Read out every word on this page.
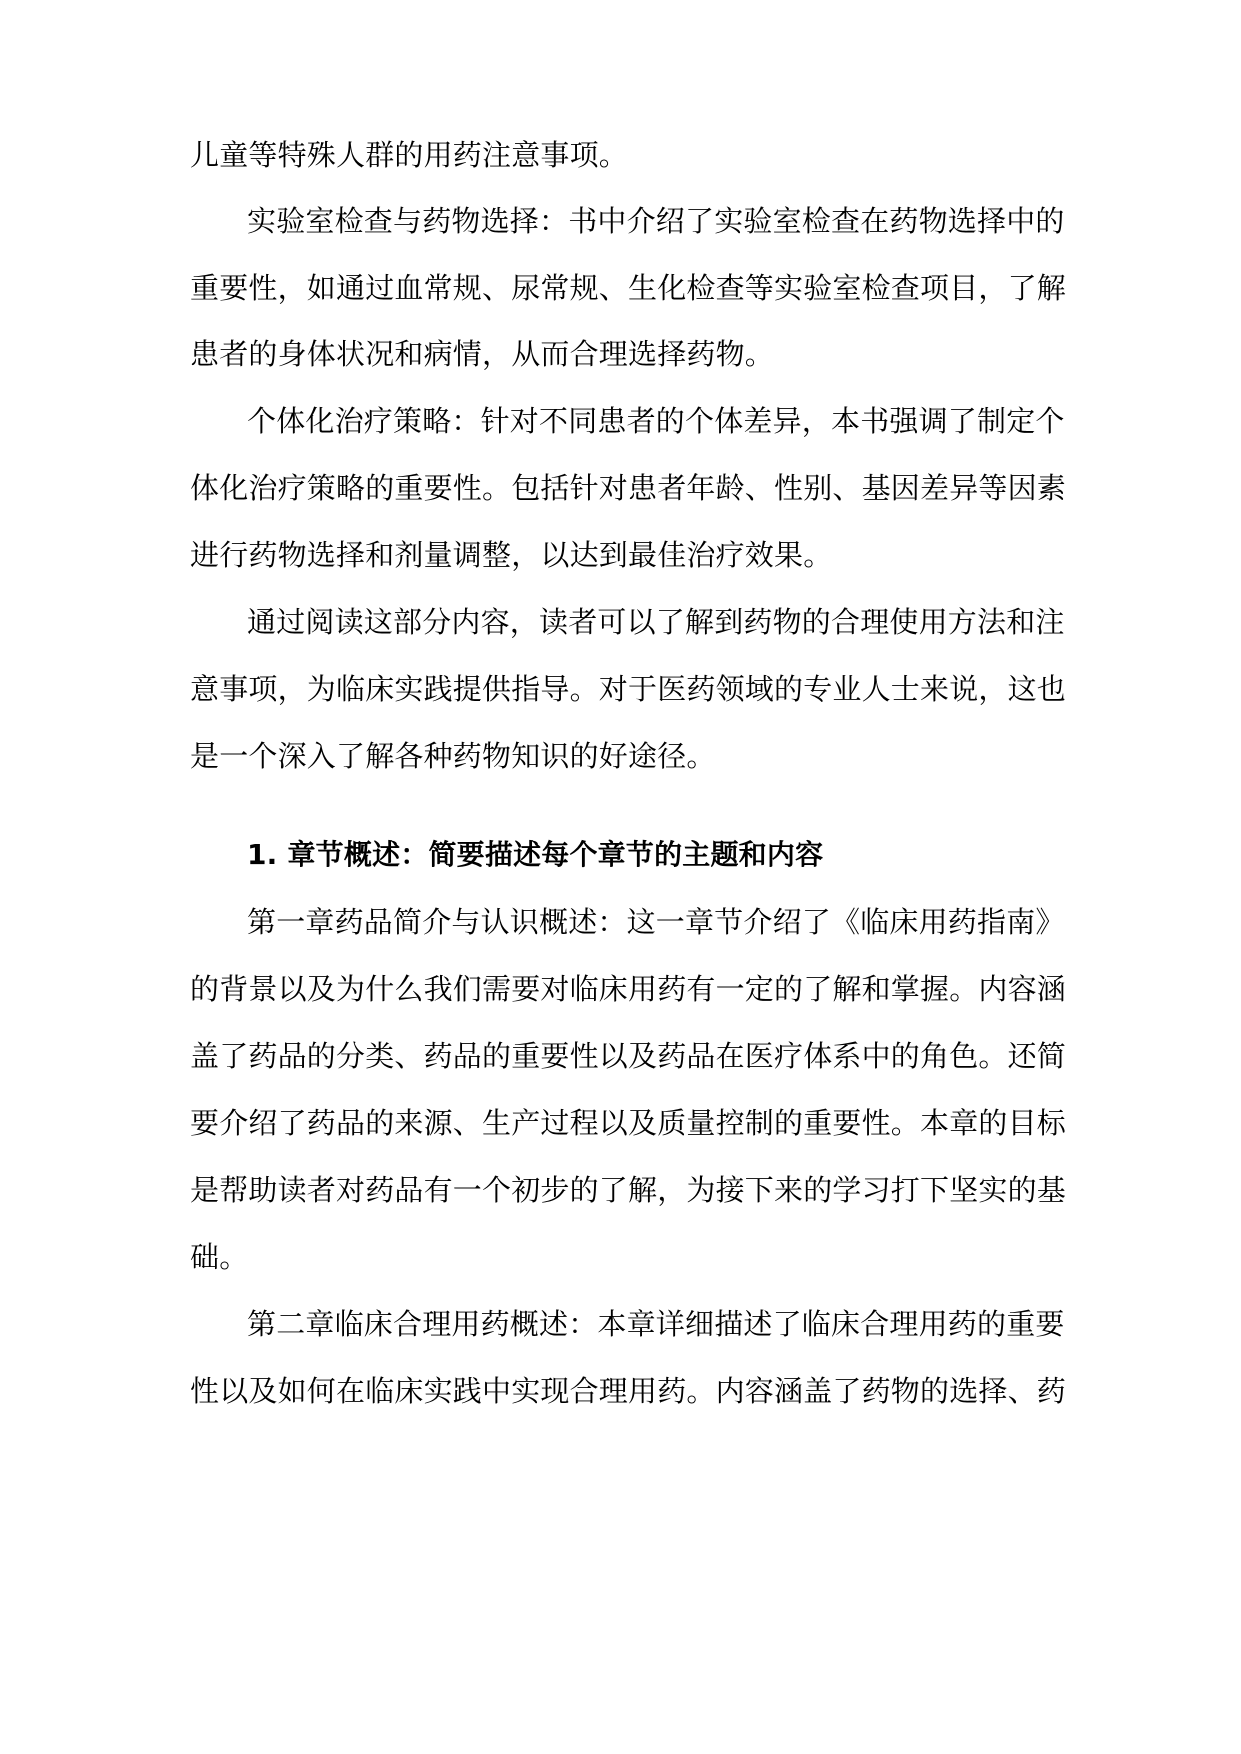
儿童等特殊人群的用药注意事项。
实验室检查与药物选择：书中介绍了实验室检查在药物选择中的
重要性，如通过血常规、尿常规、生化检查等实验室检查项目，了解
患者的身体状况和病情，从而合理选择药物。
个体化治疗策略：针对不同患者的个体差异，本书强调了制定个
体化治疗策略的重要性。包括针对患者年龄、性别、基因差异等因素
进行药物选择和剂量调整，以达到最佳治疗效果。
通过阅读这部分内容，读者可以了解到药物的合理使用方法和注
意事项，为临床实践提供指导。对于医药领域的专业人士来说，这也
是一个深入了解各种药物知识的好途径。
1. 章节概述：简要描述每个章节的主题和内容
第一章药品简介与认识概述：这一章节介绍了《临床用药指南》
的背景以及为什么我们需要对临床用药有一定的了解和掌握。内容涵
盖了药品的分类、药品的重要性以及药品在医疗体系中的角色。还简
要介绍了药品的来源、生产过程以及质量控制的重要性。本章的目标
是帮助读者对药品有一个初步的了解，为接下来的学习打下坚实的基
础。
第二章临床合理用药概述：本章详细描述了临床合理用药的重要
性以及如何在临床实践中实现合理用药。内容涵盖了药物的选择、药
